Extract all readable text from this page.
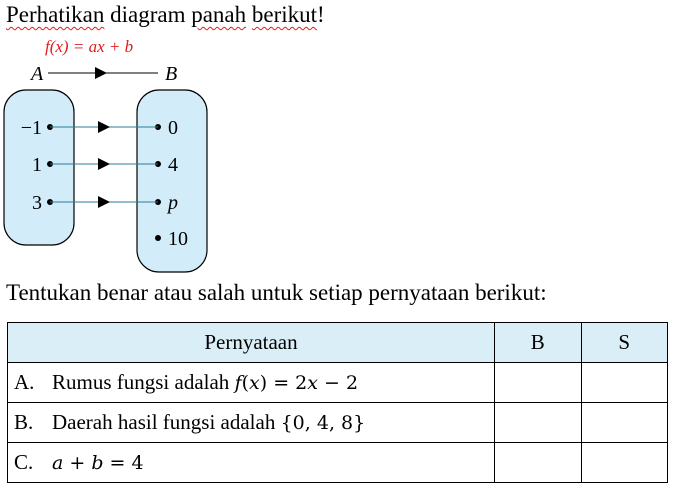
Perhatikan diagram panah berikut!
f(x) = ax + b
A	B
−1
1
3
0
4
p
10
Tentukan benar atau salah untuk setiap pernyataan berikut:
Pernyataan	B	S
A. Rumus fungsi adalah f(x) = 2x − 2		
B. Daerah hasil fungsi adalah {0, 4, 8}		
C. a + b = 4		
